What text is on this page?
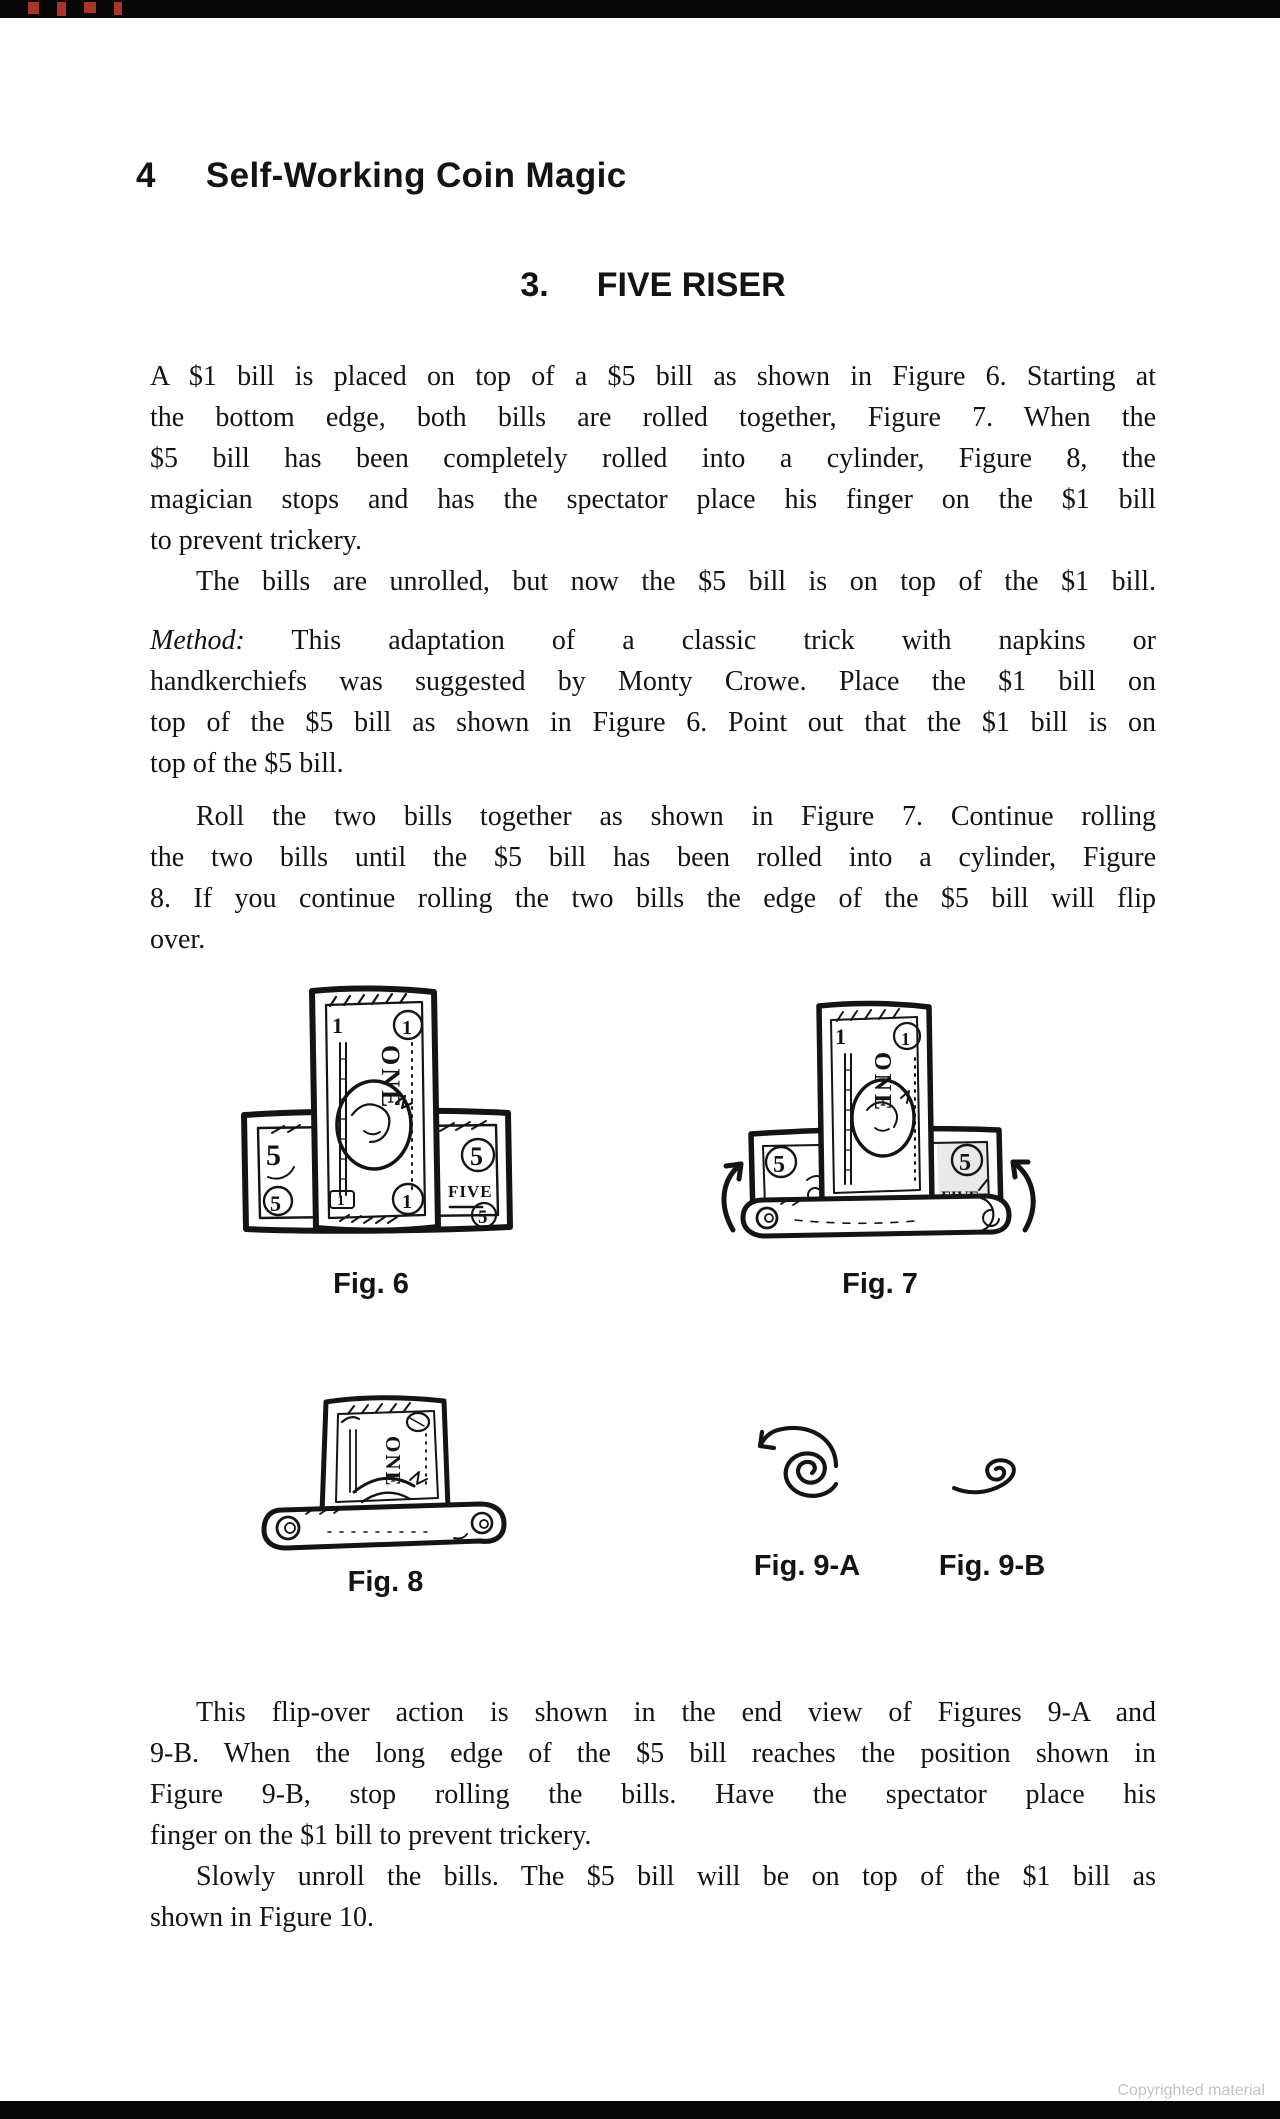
4 Self-Working Coin Magic
3. FIVE RISER
A $1 bill is placed on top of a $5 bill as shown in Figure 6. Starting at
the bottom edge, both bills are rolled together, Figure 7. When the
$5 bill has been completely rolled into a cylinder, Figure 8, the
magician stops and has the spectator place his finger on the $1 bill
to prevent trickery.
The bills are unrolled, but now the $5 bill is on top of the $1 bill.
Method: This adaptation of a classic trick with napkins or
handkerchiefs was suggested by Monty Crowe. Place the $1 bill on
top of the $5 bill as shown in Figure 6. Point out that the $1 bill is on
top of the $5 bill.
Roll the two bills together as shown in Figure 7. Continue rolling
the two bills until the $5 bill has been rolled into a cylinder, Figure
8. If you continue rolling the two bills the edge of the $5 bill will flip
over.
5
5
5
FIVE
5
1	1
ONE
1	1
Fig. 6
5	5
1	1
ONE
Fig. 7
ONE
Fig. 8	Fig. 9-A	Fig. 9-B
This flip-over action is shown in the end view of Figures 9-A and
9-B. When the long edge of the $5 bill reaches the position shown in
Figure 9-B, stop rolling the bills. Have the spectator place his
finger on the $1 bill to prevent trickery.
Slowly unroll the bills. The $5 bill will be on top of the $1 bill as
shown in Figure 10.
Copyrighted material
